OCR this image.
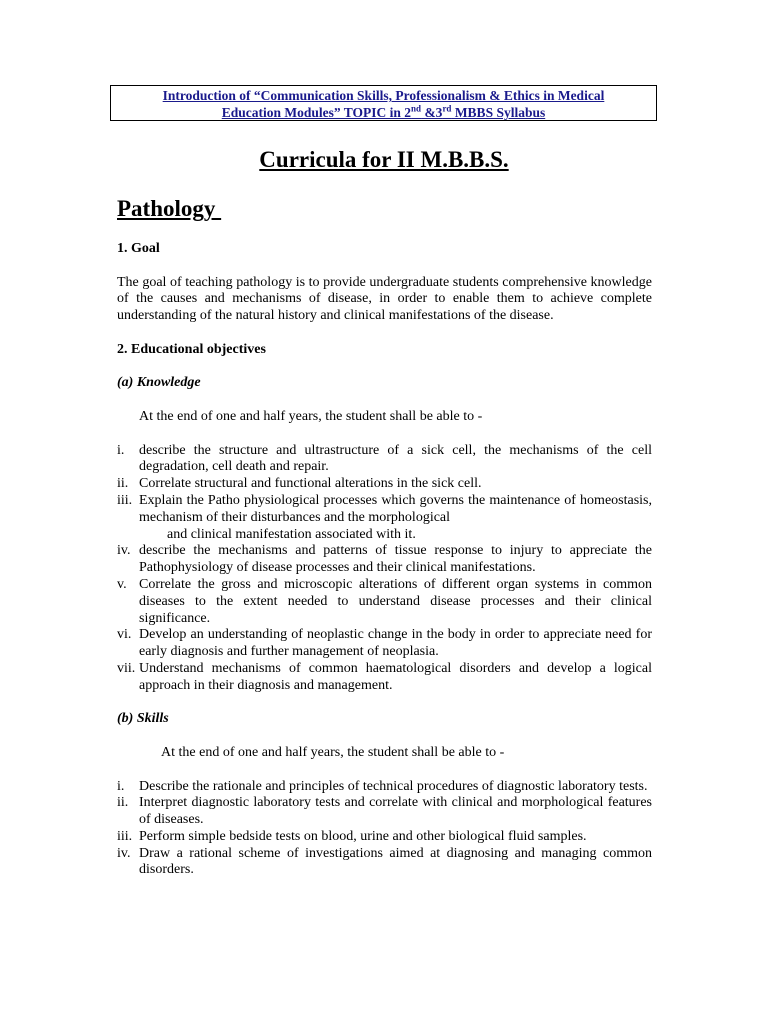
Introduction of “Communication Skills, Professionalism & Ethics in Medical
Education Modules” TOPIC in 2nd &3rd MBBS Syllabus
Curricula for II M.B.B.S.
Pathology

1. Goal

The goal of teaching pathology is to provide undergraduate students comprehensive knowledge of the causes and mechanisms of disease, in order to enable them to achieve complete understanding of the natural history and clinical manifestations of the disease.

2. Educational objectives

(a) Knowledge

At the end of one and half years, the student shall be able to -

i. describe the structure and ultrastructure of a sick cell, the mechanisms of the cell degradation, cell death and repair.
ii. Correlate structural and functional alterations in the sick cell.
iii. Explain the Patho physiological processes which governs the maintenance of homeostasis, mechanism of their disturbances and the morphological
and clinical manifestation associated with it.
iv. describe the mechanisms and patterns of tissue response to injury to appreciate the Pathophysiology of disease processes and their clinical manifestations.
v. Correlate the gross and microscopic alterations of different organ systems in common diseases to the extent needed to understand disease processes and their clinical significance.
vi. Develop an understanding of neoplastic change in the body in order to appreciate need for early diagnosis and further management of neoplasia.
vii. Understand mechanisms of common haematological disorders and develop a logical approach in their diagnosis and management.

(b) Skills

At the end of one and half years, the student shall be able to -

i. Describe the rationale and principles of technical procedures of diagnostic laboratory tests.
ii. Interpret diagnostic laboratory tests and correlate with clinical and morphological features of diseases.
iii. Perform simple bedside tests on blood, urine and other biological fluid samples.
iv. Draw a rational scheme of investigations aimed at diagnosing and managing common disorders.
